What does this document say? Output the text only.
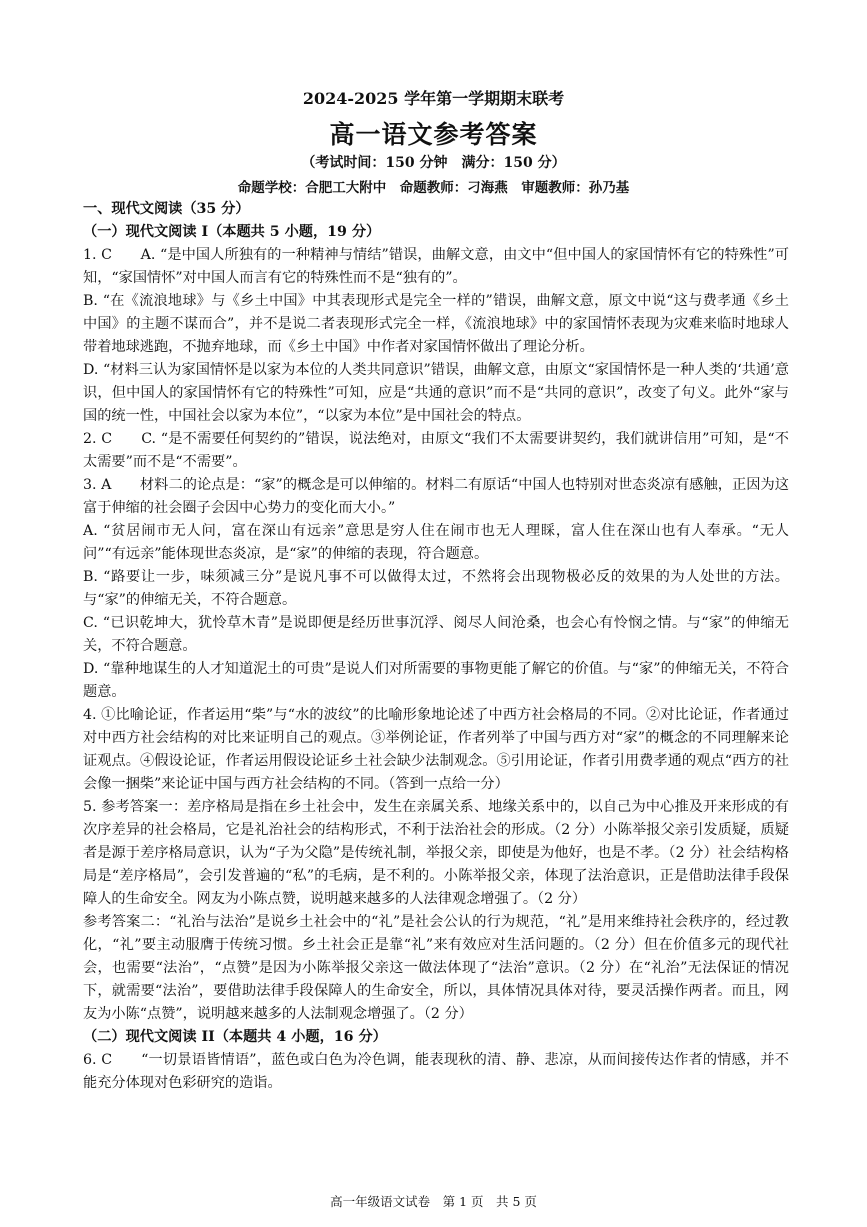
2024-2025 学年第一学期期末联考
高一语文参考答案
（考试时间：150 分钟　满分：150 分）
命题学校：合肥工大附中　命题教师：刁海燕　审题教师：孙乃基

一、现代文阅读（35 分）

（一）现代文阅读 I（本题共 5 小题，19 分）

1. C　　A. “是中国人所独有的一种精神与情结”错误，曲解文意，由文中“但中国人的家国情怀有它的特殊性”可知，“家国情怀”对中国人而言有它的特殊性而不是“独有的”。

B. “在《流浪地球》与《乡土中国》中其表现形式是完全一样的”错误，曲解文意，原文中说“这与费孝通《乡土中国》的主题不谋而合”，并不是说二者表现形式完全一样，《流浪地球》中的家国情怀表现为灾难来临时地球人带着地球逃跑，不抛弃地球，而《乡土中国》中作者对家国情怀做出了理论分析。

D. “材料三认为家国情怀是以家为本位的人类共同意识”错误，曲解文意，由原文“家国情怀是一种人类的‘共通’意识，但中国人的家国情怀有它的特殊性”可知，应是“共通的意识”而不是“共同的意识”，改变了句义。此外“家与国的统一性，中国社会以家为本位”，“以家为本位”是中国社会的特点。

2. C　　C. “是不需要任何契约的”错误，说法绝对，由原文“我们不太需要讲契约，我们就讲信用”可知，是“不太需要”而不是“不需要”。

3. A　　材料二的论点是：“家”的概念是可以伸缩的。材料二有原话“中国人也特别对世态炎凉有感触，正因为这富于伸缩的社会圈子会因中心势力的变化而大小。”

A. “贫居闹市无人问，富在深山有远亲”意思是穷人住在闹市也无人理睬，富人住在深山也有人奉承。“无人问”“有远亲”能体现世态炎凉，是“家”的伸缩的表现，符合题意。

B. “路要让一步，味须减三分”是说凡事不可以做得太过，不然将会出现物极必反的效果的为人处世的方法。与“家”的伸缩无关，不符合题意。

C. “已识乾坤大，犹怜草木青”是说即便是经历世事沉浮、阅尽人间沧桑，也会心有怜悯之情。与“家”的伸缩无关，不符合题意。

D. “靠种地谋生的人才知道泥土的可贵”是说人们对所需要的事物更能了解它的价值。与“家”的伸缩无关，不符合题意。

4. ①比喻论证，作者运用“柴”与“水的波纹”的比喻形象地论述了中西方社会格局的不同。②对比论证，作者通过对中西方社会结构的对比来证明自己的观点。③举例论证，作者列举了中国与西方对“家”的概念的不同理解来论证观点。④假设论证，作者运用假设论证乡土社会缺少法制观念。⑤引用论证，作者引用费孝通的观点“西方的社会像一捆柴”来论证中国与西方社会结构的不同。（答到一点给一分）

5. 参考答案一：差序格局是指在乡土社会中，发生在亲属关系、地缘关系中的，以自己为中心推及开来形成的有次序差异的社会格局，它是礼治社会的结构形式，不利于法治社会的形成。（2 分）小陈举报父亲引发质疑，质疑者是源于差序格局意识，认为“子为父隐”是传统礼制，举报父亲，即使是为他好，也是不孝。（2 分）社会结构格局是“差序格局”，会引发普遍的“私”的毛病，是不利的。小陈举报父亲，体现了法治意识，正是借助法律手段保障人的生命安全。网友为小陈点赞，说明越来越多的人法律观念增强了。（2 分）

参考答案二：“礼治与法治”是说乡土社会中的“礼”是社会公认的行为规范，“礼”是用来维持社会秩序的，经过教化，“礼”要主动服膺于传统习惯。乡土社会正是靠“礼”来有效应对生活问题的。（2 分）但在价值多元的现代社会，也需要“法治”，“点赞”是因为小陈举报父亲这一做法体现了“法治”意识。（2 分）在“礼治”无法保证的情况下，就需要“法治”，要借助法律手段保障人的生命安全，所以，具体情况具体对待，要灵活操作两者。而且，网友为小陈“点赞”，说明越来越多的人法制观念增强了。（2 分）

（二）现代文阅读 II（本题共 4 小题，16 分）

6. C　　“一切景语皆情语”，蓝色或白色为冷色调，能表现秋的清、静、悲凉，从而间接传达作者的情感，并不能充分体现对色彩研究的造诣。

高一年级语文试卷　第 1 页　共 5 页
